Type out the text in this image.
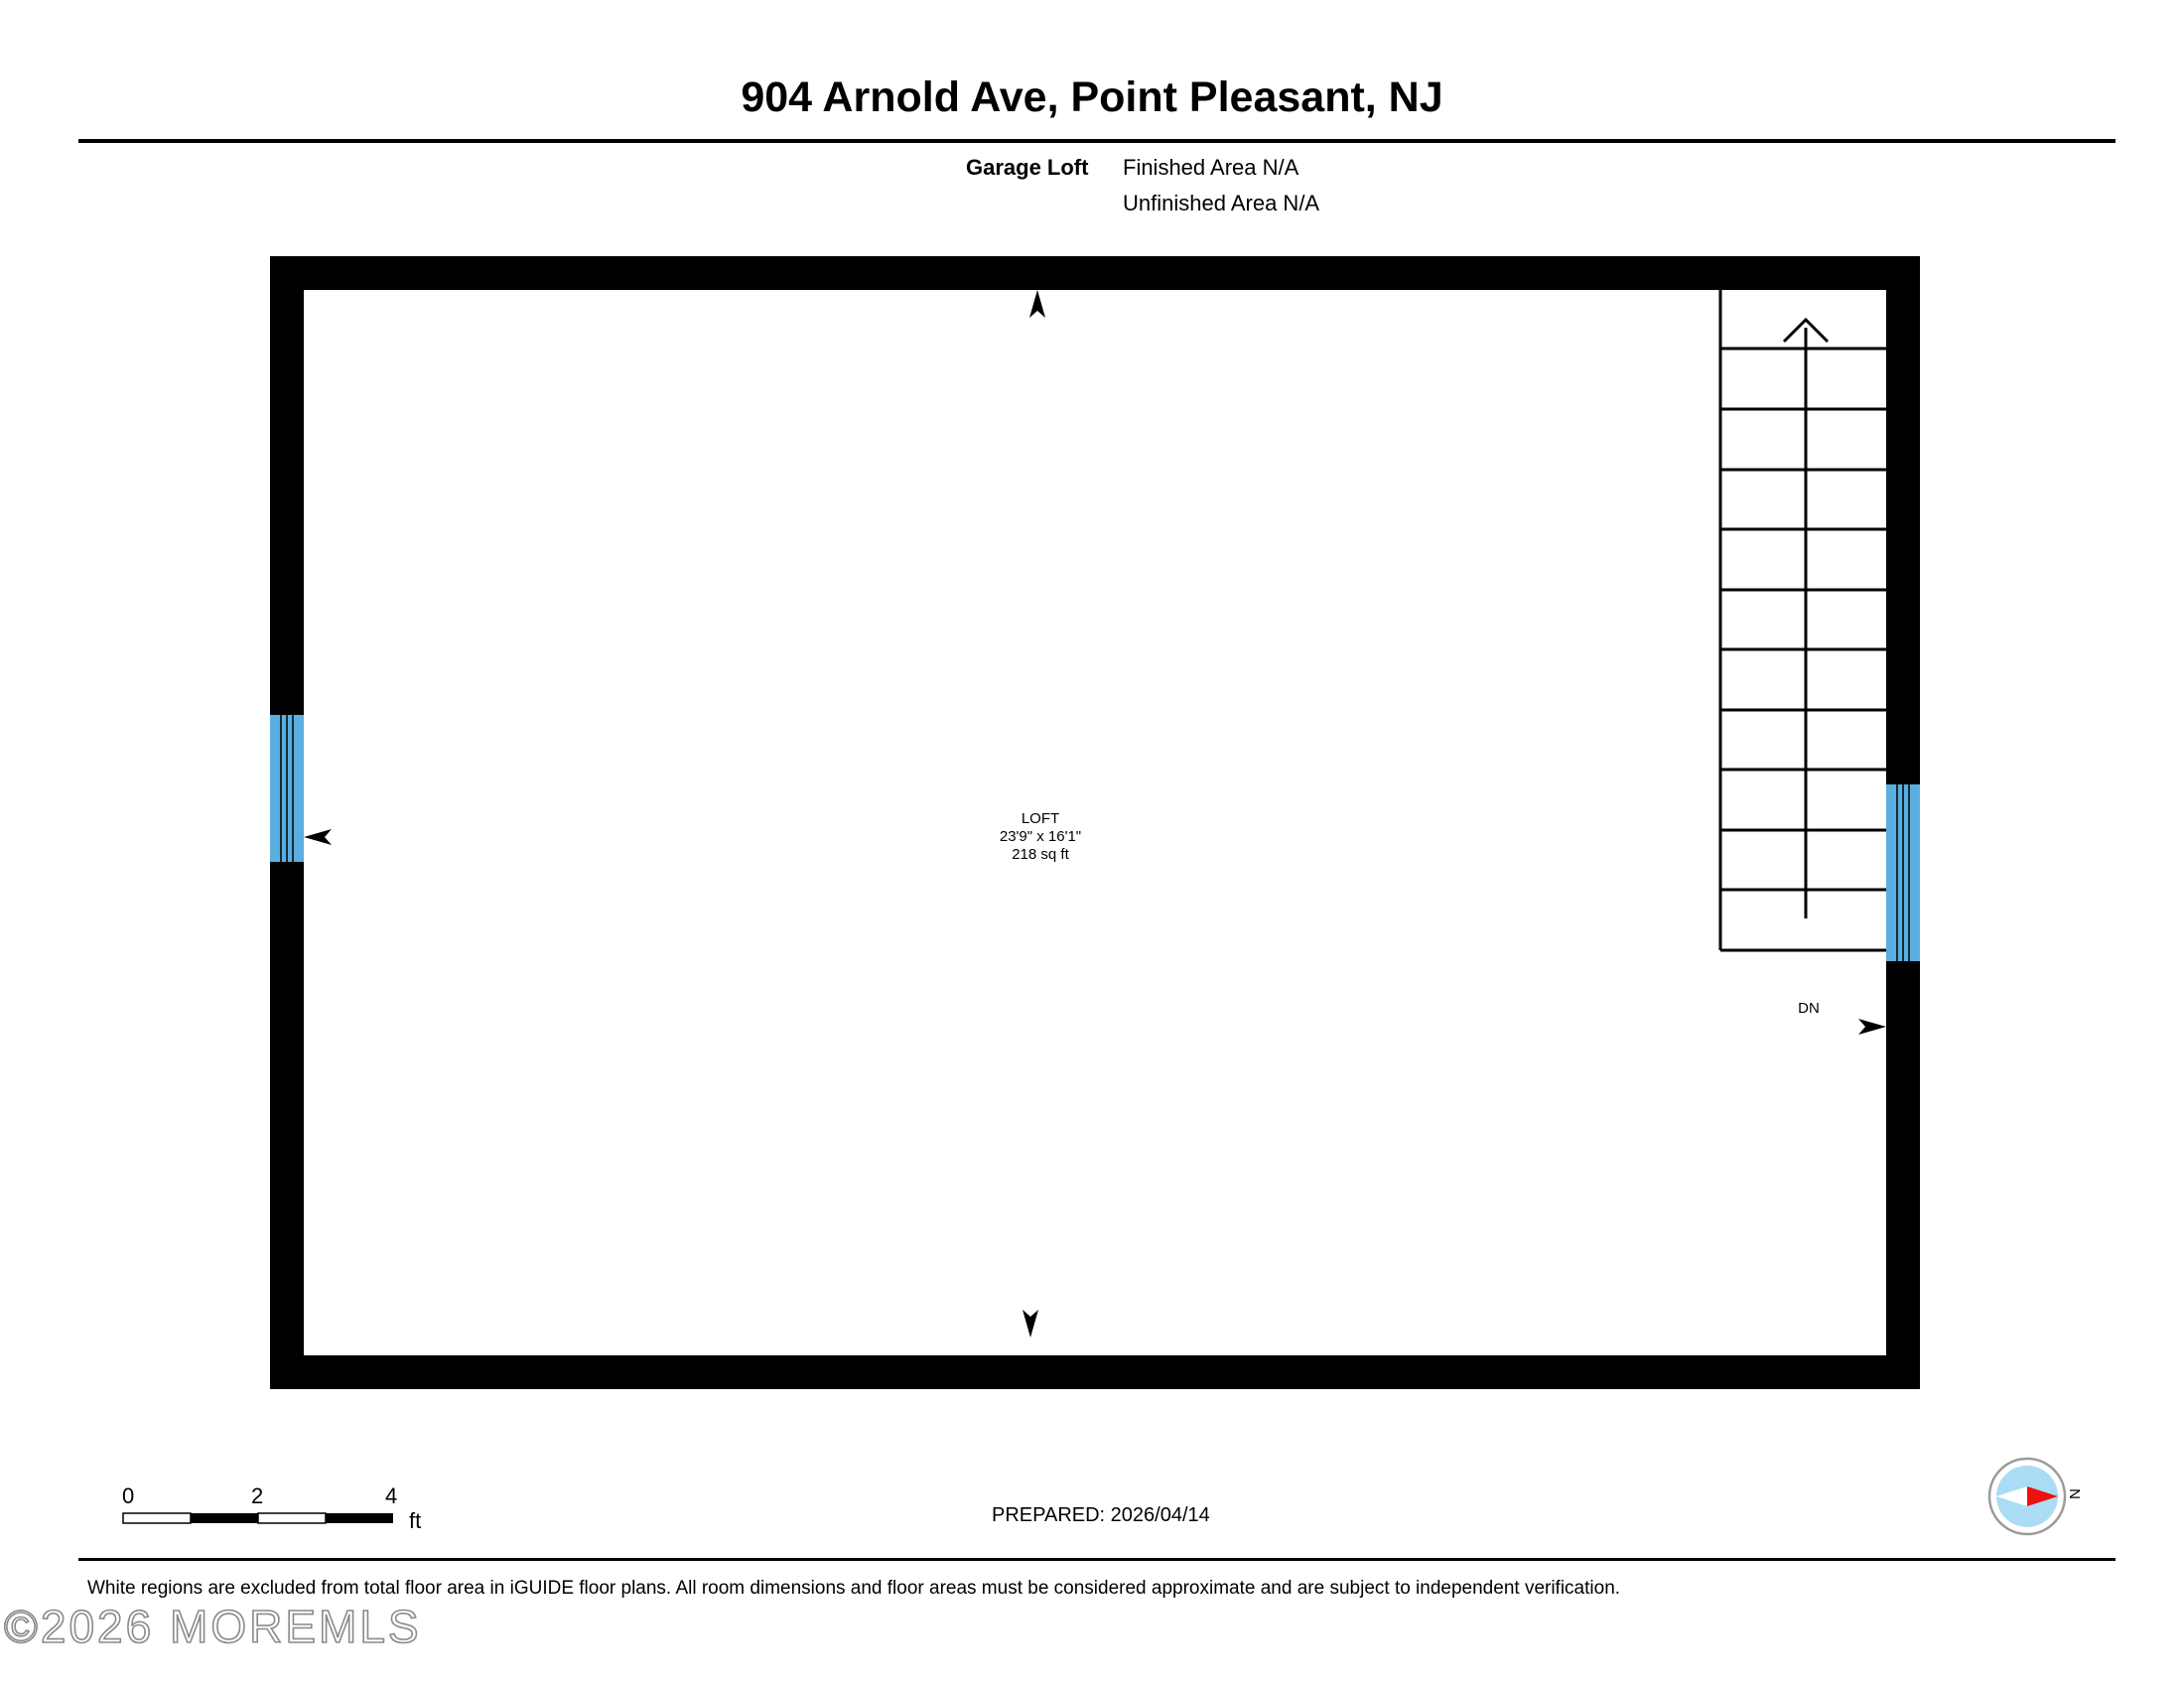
904 Arnold Ave, Point Pleasant, NJ
Garage Loft Finished Area N/A
Unfinished Area N/A
LOFT
23'9" x 16'1"
218 sq ft
DN
0	2	4
ft	PREPARED: 2026/04/14
N
White regions are excluded from total floor area in iGUIDE floor plans. All room dimensions and floor areas must be considered approximate and are subject to independent verification.
©2026 MOREMLS
